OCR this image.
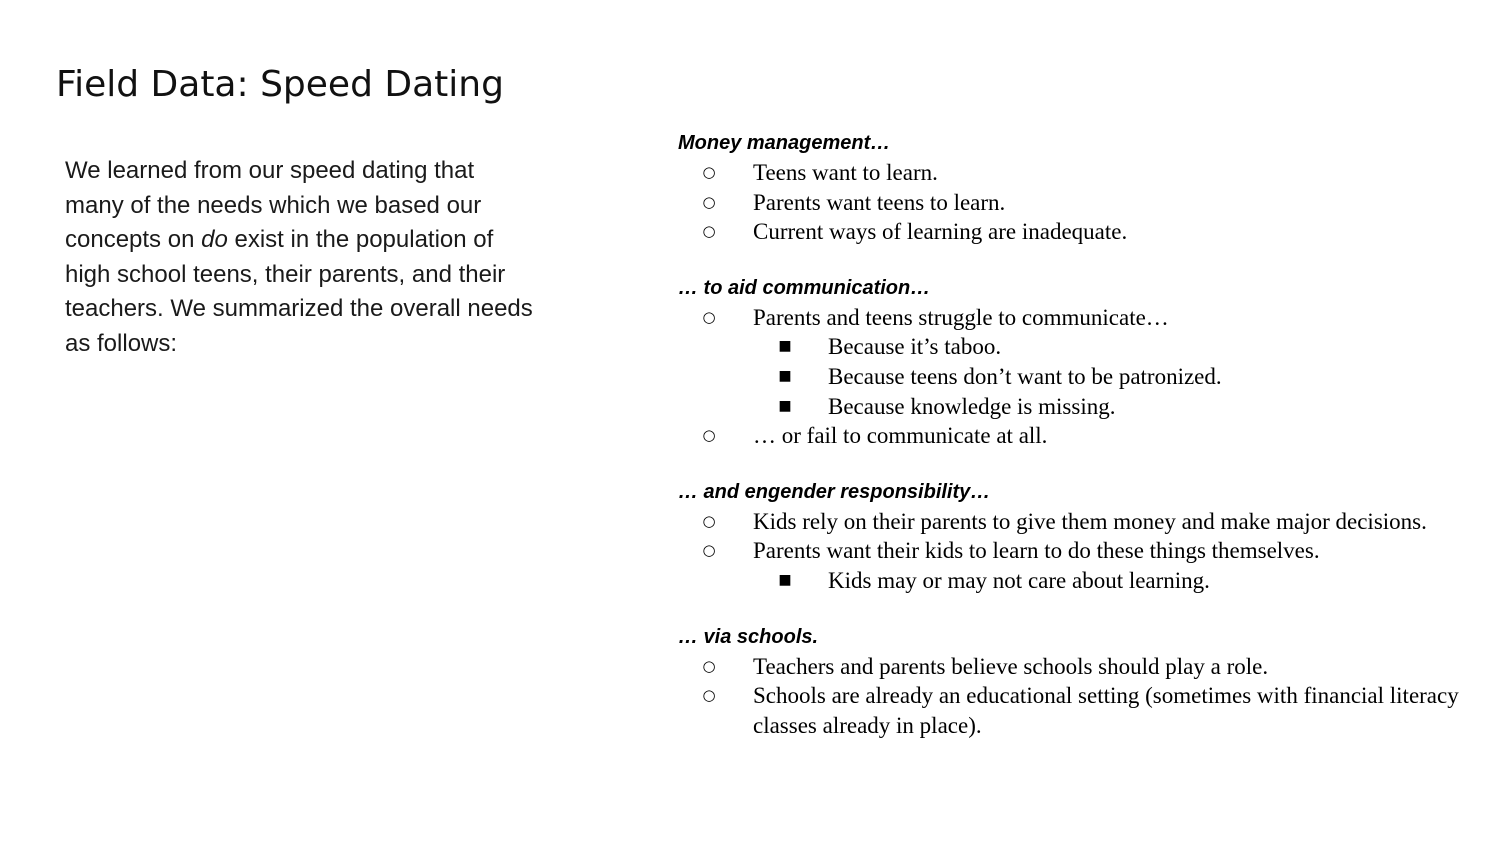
Field Data: Speed Dating

We learned from our speed dating that many of the needs which we based our concepts on do exist in the population of high school teens, their parents, and their teachers. We summarized the overall needs as follows:

Money management…
○ Teens want to learn.
○ Parents want teens to learn.
○ Current ways of learning are inadequate.
… to aid communication…
○ Parents and teens struggle to communicate…
■ Because it’s taboo.
■ Because teens don’t want to be patronized.
■ Because knowledge is missing.
○ … or fail to communicate at all.
… and engender responsibility…
○ Kids rely on their parents to give them money and make major decisions.
○ Parents want their kids to learn to do these things themselves.
■ Kids may or may not care about learning.
… via schools.
○ Teachers and parents believe schools should play a role.
○ Schools are already an educational setting (sometimes with financial literacy classes already in place).
